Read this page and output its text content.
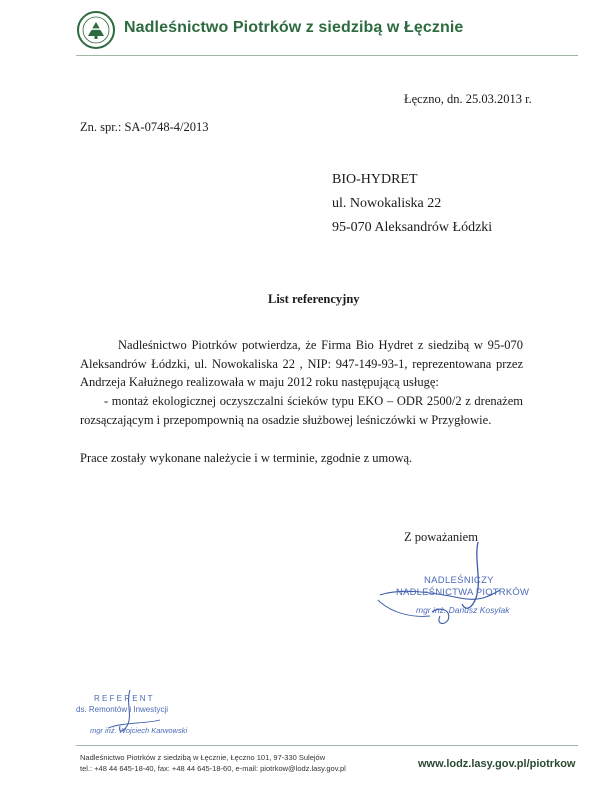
Nadleśnictwo Piotrków z siedzibą w Łęcznie
Łęczno, dn. 25.03.2013 r.
Zn. spr.: SA-0748-4/2013
BIO-HYDRET
ul. Nowokaliska 22
95-070 Aleksandrów Łódzki
List referencyjny
Nadleśnictwo Piotrków potwierdza, że Firma Bio Hydret z siedzibą w 95-070
Aleksandrów Łódzki, ul. Nowokaliska 22 , NIP: 947-149-93-1, reprezentowana przez
Andrzeja Kałużnego realizowała w maju 2012 roku następującą usługę:
- montaż ekologicznej oczyszczalni ścieków typu EKO – ODR 2500/2 z drenażem
rozsączającym i przepompownią na osadzie służbowej leśniczówki w Przygłowie.
Prace zostały wykonane należycie i w terminie, zgodnie z umową.
Z poważaniem
NADLEŚNICZY
NADLEŚNICTWA PIOTRKÓW
mgr inż. Dariusz Kosylak
R E F E R E N T
ds. Remontów i Inwestycji
mgr inż. Wojciech Karwowski
Nadleśnictwo Piotrków z siedzibą w Łęcznie, Łęczno 101, 97-330 Sulejów
tel.: +48 44 645-18-40, fax: +48 44 645-18-60, e-mail: piotrkow@lodz.lasy.gov.pl	www.lodz.lasy.gov.pl/piotrkow
